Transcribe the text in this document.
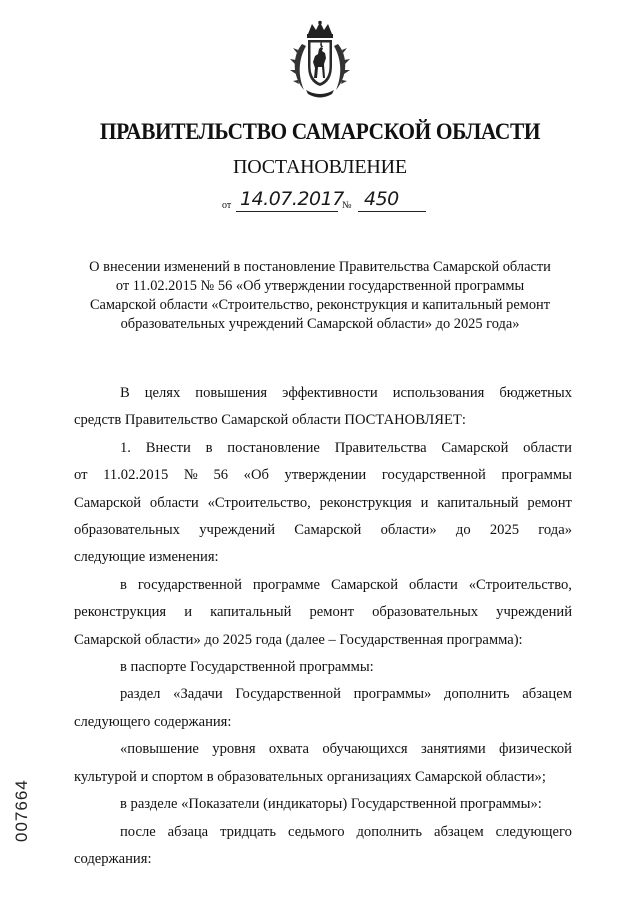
ПРАВИТЕЛЬСТВО САМАРСКОЙ ОБЛАСТИ
ПОСТАНОВЛЕНИЕ
от 14.07.2017
№ 450
О внесении изменений в постановление Правительства Самарской области
от 11.02.2015 № 56 «Об утверждении государственной программы
Самарской области «Строительство, реконструкция и капитальный ремонт
образовательных учреждений Самарской области» до 2025 года»
В целях повышения эффективности использования бюджетных
средств Правительство Самарской области ПОСТАНОВЛЯЕТ:
1. Внести в постановление Правительства Самарской области
от 11.02.2015 № 56 «Об утверждении государственной программы
Самарской области «Строительство, реконструкция и капитальный ремонт
образовательных учреждений Самарской области» до 2025 года»
следующие изменения:
в государственной программе Самарской области «Строительство,
реконструкция и капитальный ремонт образовательных учреждений
Самарской области» до 2025 года (далее – Государственная программа):
в паспорте Государственной программы:
раздел «Задачи Государственной программы» дополнить абзацем
следующего содержания:
«повышение уровня охвата обучающихся занятиями физической
культурой и спортом в образовательных организациях Самарской области»;
в разделе «Показатели (индикаторы) Государственной программы»:
после абзаца тридцать седьмого дополнить абзацем следующего
содержания:
007664
